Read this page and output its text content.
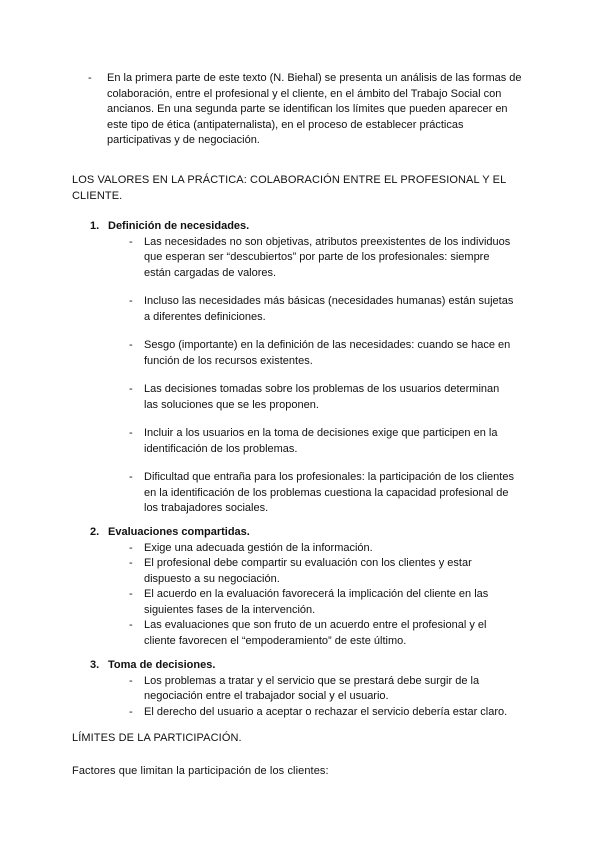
-	En la primera parte de este texto (N. Biehal) se presenta un análisis de las formas de colaboración, entre el profesional y el cliente, en el ámbito del Trabajo Social con ancianos. En una segunda parte se identifican los límites que pueden aparecer en este tipo de ética (antipaternalista), en el proceso de establecer prácticas participativas y de negociación.
LOS VALORES EN LA PRÁCTICA: COLABORACIÓN ENTRE EL PROFESIONAL Y EL CLIENTE.
1. Definición de necesidades.
- Las necesidades no son objetivas, atributos preexistentes de los individuos que esperan ser “descubiertos” por parte de los profesionales: siempre están cargadas de valores.
- Incluso las necesidades más básicas (necesidades humanas) están sujetas a diferentes definiciones.
- Sesgo (importante) en la definición de las necesidades: cuando se hace en función de los recursos existentes.
- Las decisiones tomadas sobre los problemas de los usuarios determinan las soluciones que se les proponen.
- Incluir a los usuarios en la toma de decisiones exige que participen en la identificación de los problemas.
- Dificultad que entraña para los profesionales: la participación de los clientes en la identificación de los problemas cuestiona la capacidad profesional de los trabajadores sociales.
2. Evaluaciones compartidas.
- Exige una adecuada gestión de la información.
- El profesional debe compartir su evaluación con los clientes y estar dispuesto a su negociación.
- El acuerdo en la evaluación favorecerá la implicación del cliente en las siguientes fases de la intervención.
- Las evaluaciones que son fruto de un acuerdo entre el profesional y el cliente favorecen el “empoderamiento” de este último.
3. Toma de decisiones.
- Los problemas a tratar y el servicio que se prestará debe surgir de la negociación entre el trabajador social y el usuario.
- El derecho del usuario a aceptar o rechazar el servicio debería estar claro.
LÍMITES DE LA PARTICIPACIÓN.
Factores que limitan la participación de los clientes:
